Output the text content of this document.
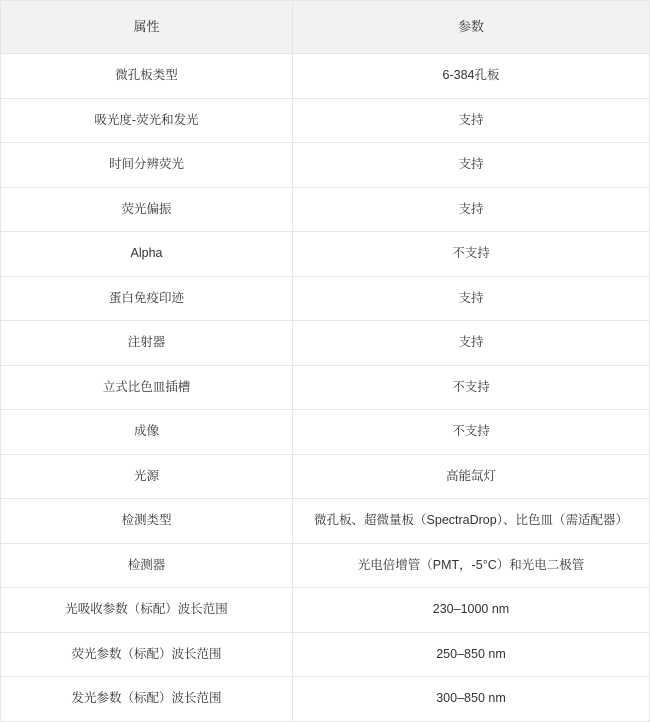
属性	参数
微孔板类型	6-384孔板
吸光度-荧光和发光	支持
时间分辨荧光	支持
荧光偏振	支持
Alpha	不支持
蛋白免疫印迹	支持
注射器	支持
立式比色皿插槽	不支持
成像	不支持
光源	高能氙灯
检测类型	微孔板、超微量板（SpectraDrop）、比色皿（需适配器）
检测器	光电倍增管（PMT，-5°C）和光电二极管
光吸收参数（标配）波长范围	230–1000 nm
荧光参数（标配）波长范围	250–850 nm
发光参数（标配）波长范围	300–850 nm
